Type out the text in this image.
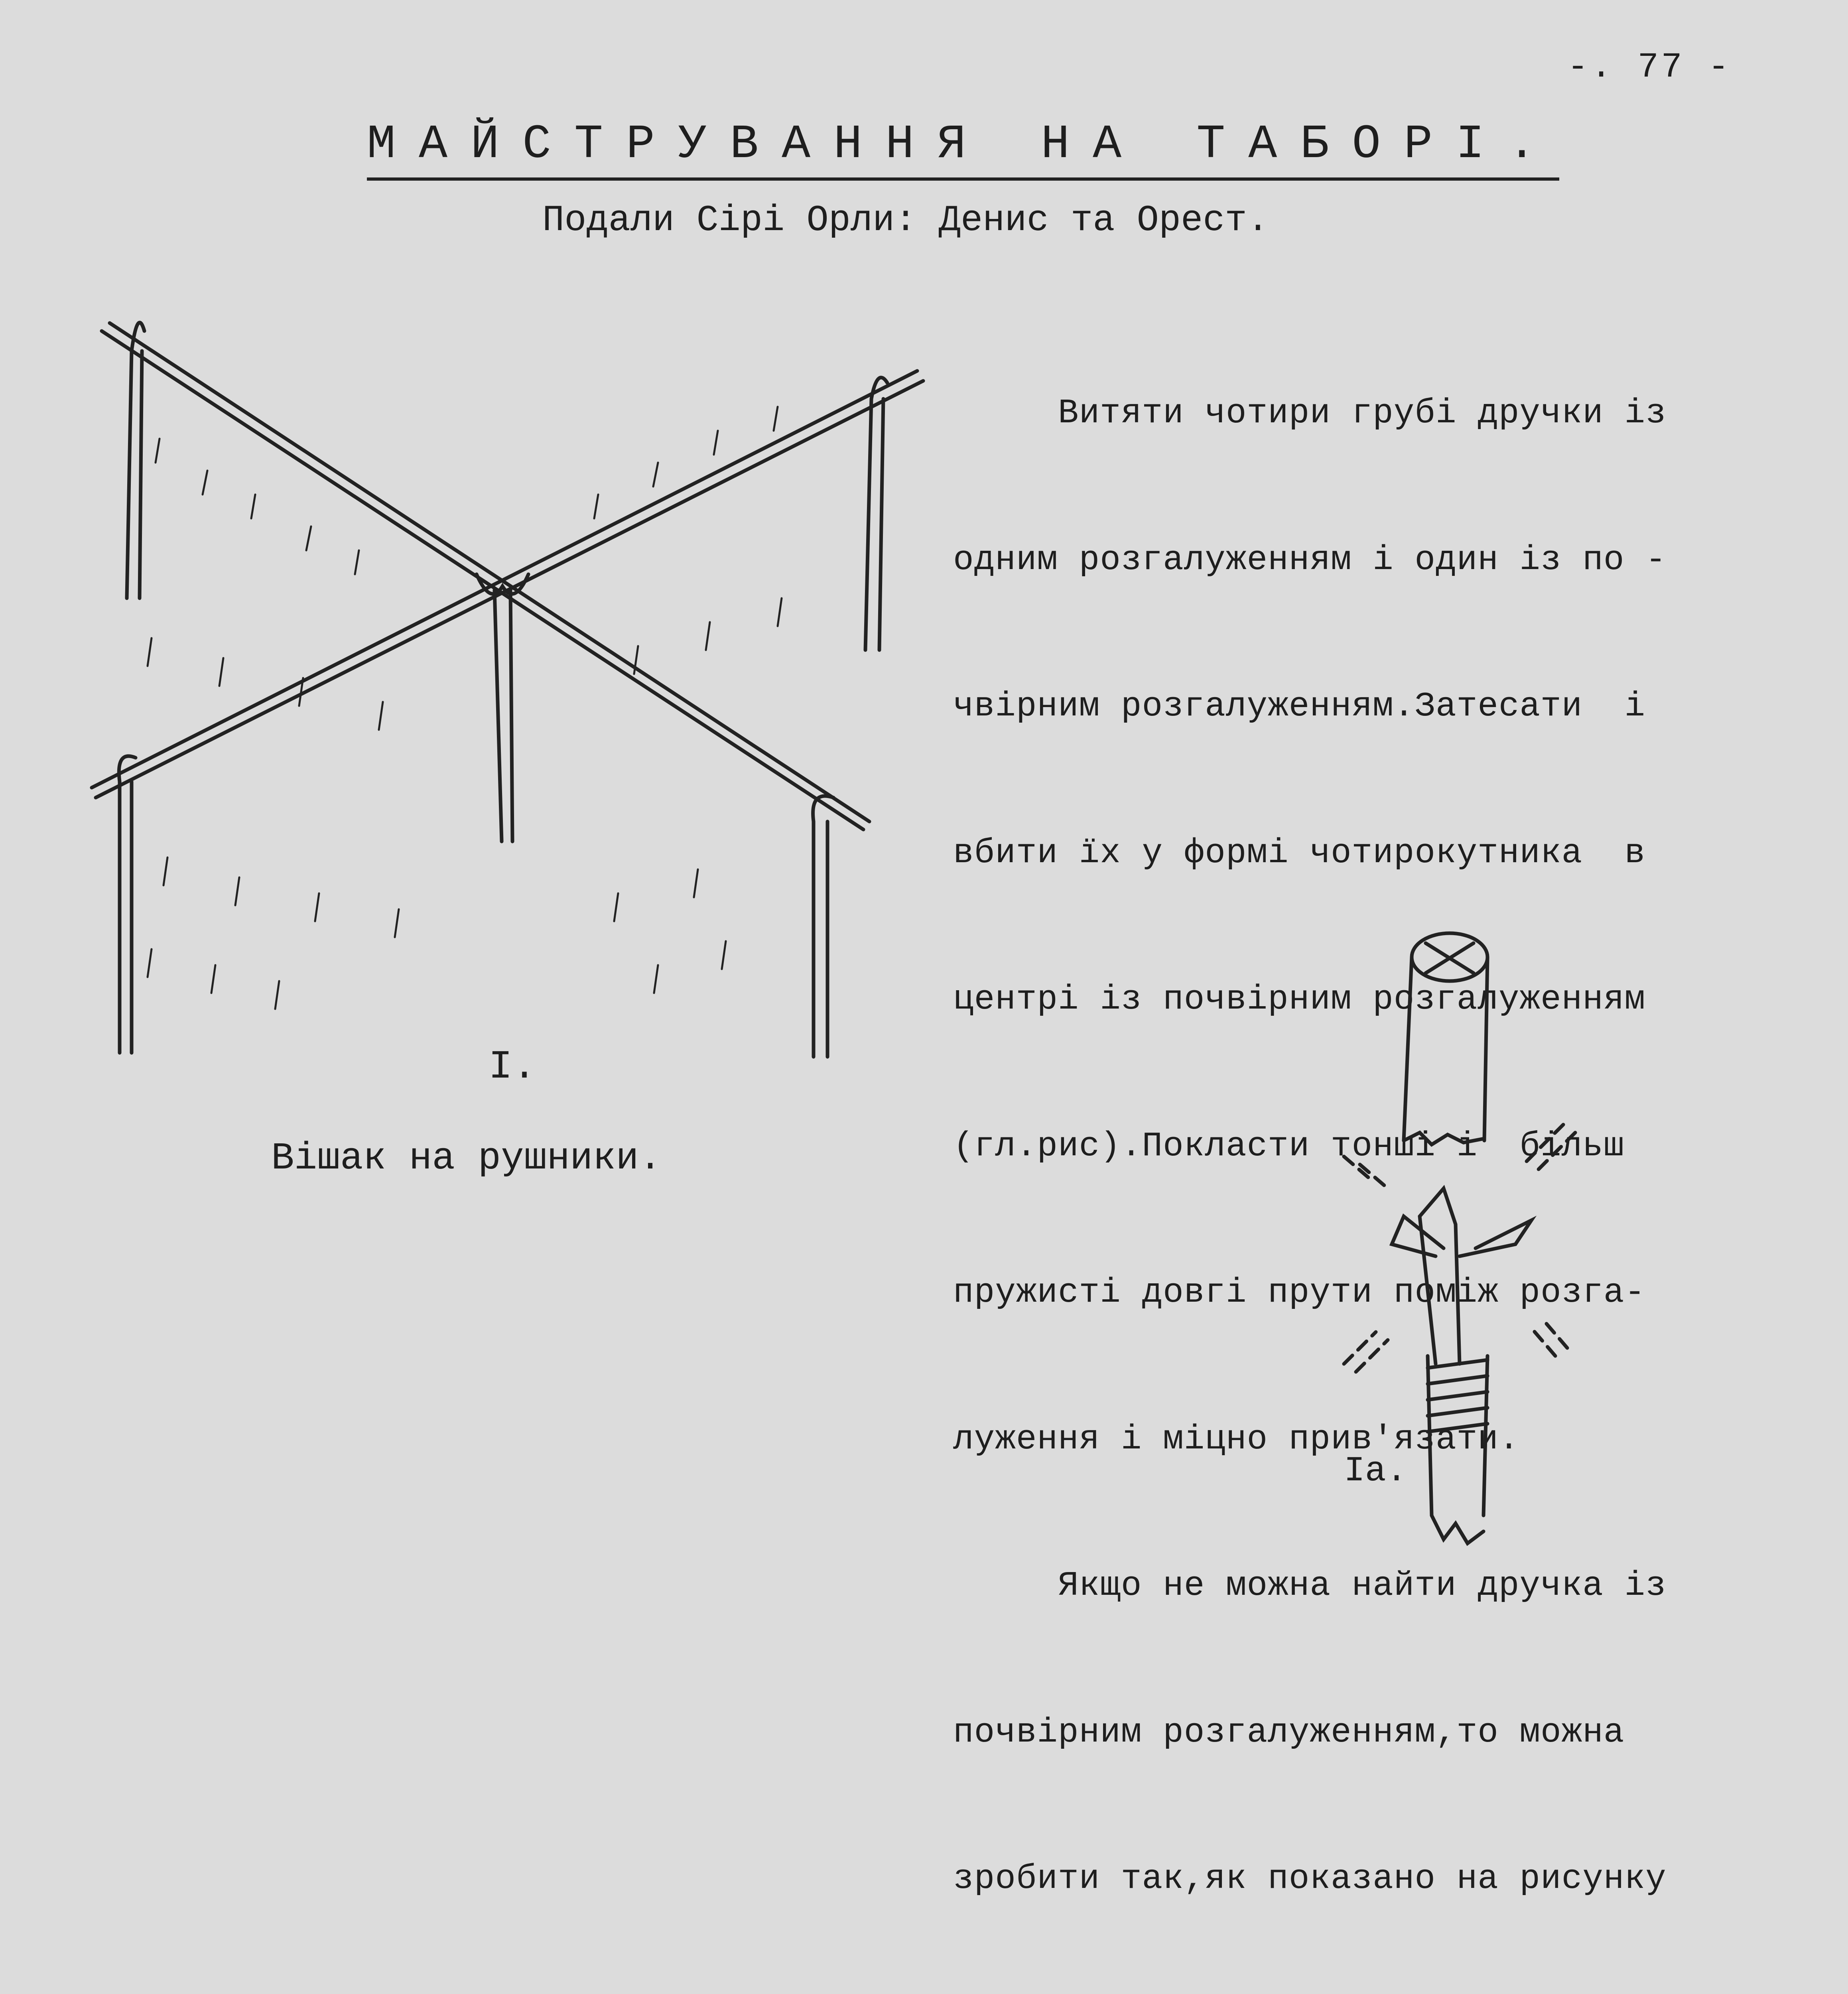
-. 77 -
МАЙСТРУВАННЯ НА ТАБОРІ.
Подали Сірі Орли: Денис та Орест.

Витяти чотири грубі дручки із

одним розгалуженням і один із по -

чвірним розгалуженням.Затесати  і

вбити їх у формі чотирокутника  в

центрі із почвірним розгалуженням

(гл.рис).Покласти тонші і  більш

пружисті довгі прути поміж розга-

луження і міцно прив'язати.

Якщо не можна найти дручка із

почвірним розгалуженням,то можна

зробити так,як показано на рисунку

І.
Вішак на рушники.
Іа.
